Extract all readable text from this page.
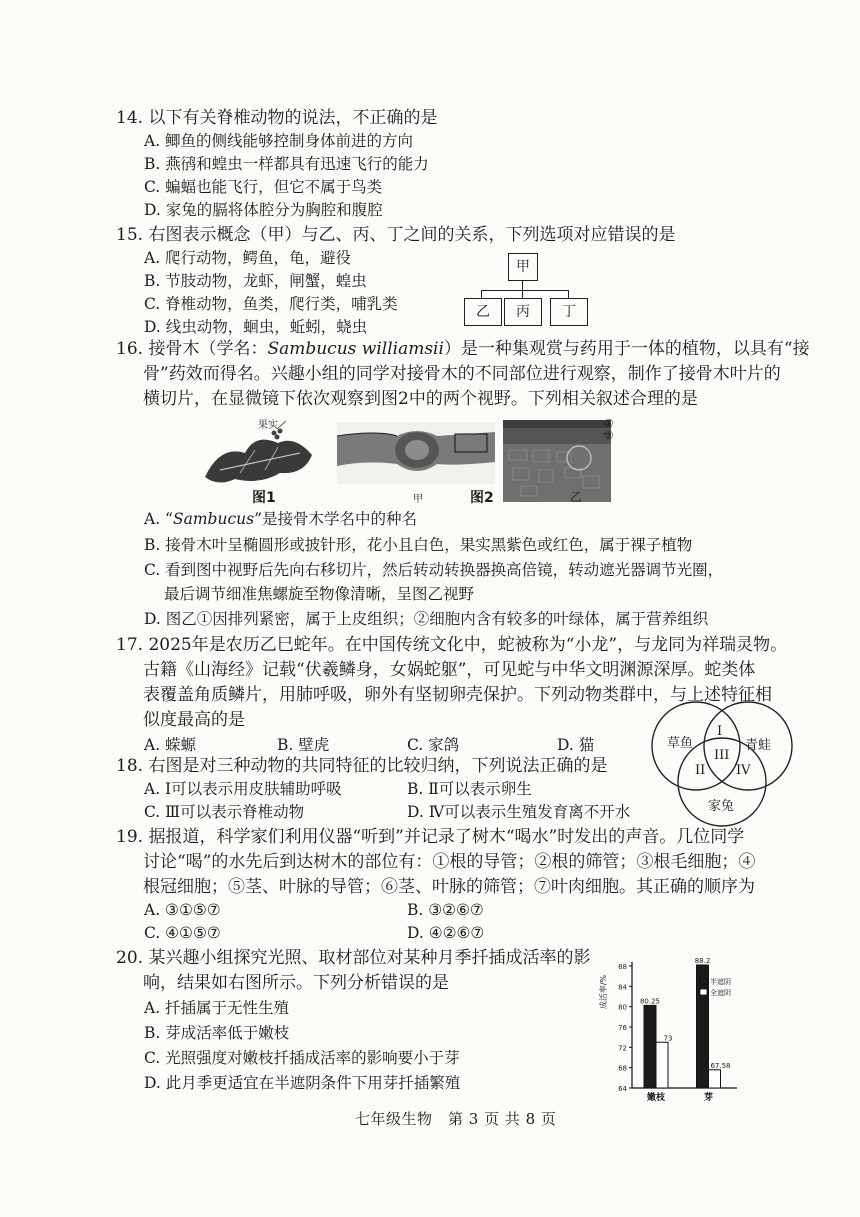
14. 以下有关脊椎动物的说法，不正确的是
A. 鲫鱼的侧线能够控制身体前进的方向
B. 燕鸻和蝗虫一样都具有迅速飞行的能力
C. 蝙蝠也能飞行，但它不属于鸟类
D. 家兔的膈将体腔分为胸腔和腹腔
15. 右图表示概念（甲）与乙、丙、丁之间的关系，下列选项对应错误的是
A. 爬行动物，鳄鱼，龟，避役
B. 节肢动物，龙虾，闸蟹，蝗虫
C. 脊椎动物，鱼类，爬行类，哺乳类
D. 线虫动物，蛔虫，蚯蚓，蛲虫
甲
乙	丙	丁
16. 接骨木（学名：Sambucus williamsii）是一种集观赏与药用于一体的植物，以具有“接
骨”药效而得名。兴趣小组的同学对接骨木的不同部位进行观察，制作了接骨木叶片的
横切片，在显微镜下依次观察到图2中的两个视野。下列相关叙述合理的是
果实
图1	甲	图2
①
②
乙
A. “Sambucus”是接骨木学名中的种名
B. 接骨木叶呈椭圆形或披针形，花小且白色，果实黑紫色或红色，属于裸子植物
C. 看到图中视野后先向右移切片，然后转动转换器换高倍镜，转动遮光器调节光圈，
最后调节细准焦螺旋至物像清晰，呈图乙视野
D. 图乙①因排列紧密，属于上皮组织；②细胞内含有较多的叶绿体，属于营养组织
17. 2025年是农历乙巳蛇年。在中国传统文化中，蛇被称为“小龙”，与龙同为祥瑞灵物。
古籍《山海经》记载“伏羲鳞身，女娲蛇躯”，可见蛇与中华文明渊源深厚。蛇类体
表覆盖角质鳞片，用肺呼吸，卵外有坚韧卵壳保护。下列动物类群中，与上述特征相
似度最高的是
A. 蝾螈	B. 壁虎	C. 家鸽	D. 猫	草鱼	青蛙
家兔
I
II
III
IV
18. 右图是对三种动物的共同特征的比较归纳，下列说法正确的是
A. Ⅰ可以表示用皮肤辅助呼吸	B. Ⅱ可以表示卵生
C. Ⅲ可以表示脊椎动物	D. Ⅳ可以表示生殖发育离不开水
19. 据报道，科学家们利用仪器“听到”并记录了树木“喝水”时发出的声音。几位同学
讨论“喝”的水先后到达树木的部位有：①根的导管；②根的筛管；③根毛细胞；④
根冠细胞；⑤茎、叶脉的导管；⑥茎、叶脉的筛管；⑦叶肉细胞。其正确的顺序为
A. ③①⑤⑦	B. ③②⑥⑦
C. ④①⑤⑦	D. ④②⑥⑦
20. 某兴趣小组探究光照、取材部位对某种月季扦插成活率的影
响，结果如右图所示。下列分析错误的是
A. 扦插属于无性生殖
B. 芽成活率低于嫩枝
C. 光照强度对嫩枝扦插成活率的影响要小于芽
D. 此月季更适宜在半遮阴条件下用芽扦插繁殖	64
68
72
76
80
84
88
成活率/%	80.25
73
嫩枝
88.2
67.58
芽
半遮阴
全遮阴
七年级生物　第 3 页 共 8 页
